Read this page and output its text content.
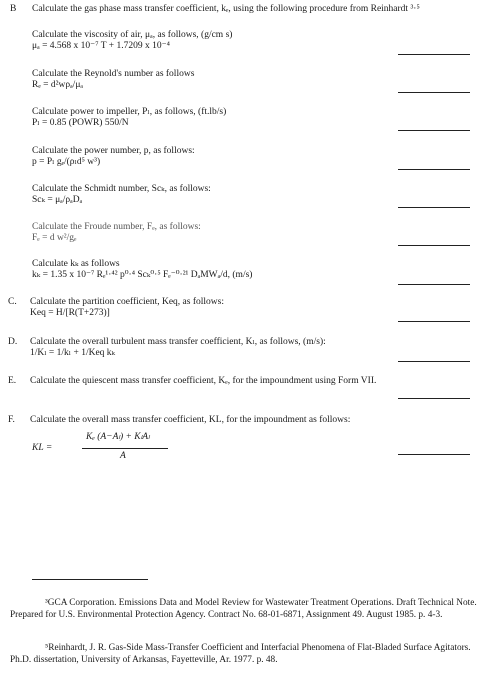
B Calculate the gas phase mass transfer coefficient, kₑ, using the following procedure from Reinhardt ³·⁵
Calculate the viscosity of air, μₐ, as follows, (g/cm s)
μₐ = 4.568 x 10⁻⁷ T + 1.7209 x 10⁻⁴
Calculate the Reynold's number as follows
Rₑ = d²wρₐ/μₐ
Calculate power to impeller, Pₗ, as follows, (ft.lb/s)
Pₗ = 0.85 (POWR) 550/N
Calculate the power number, p, as follows:
p = Pₗ gₑ/(ρₗd⁵ w³)
Calculate the Schmidt number, Scₖ, as follows:
Scₖ = μₐ/ρₐDₐ
Calculate the Froude number, Fₑ, as follows:
Fₑ = d w²/gₑ
Calculate kₖ as follows
kₖ = 1.35 x 10⁻⁷ Rₑ¹·⁴² p⁰·⁴ Scₖ⁰·⁵ Fₑ⁻⁰·²¹ DₐMWₐ/d, (m/s)
C. Calculate the partition coefficient, Keq, as follows:
Keq = H/[R(T+273)]
D. Calculate the overall turbulent mass transfer coefficient, Kₗ, as follows, (m/s):
1/Kₗ = 1/kₗ + 1/Keq kₖ
E. Calculate the quiescent mass transfer coefficient, Kₑ, for the impoundment using Form VII.
F. Calculate the overall mass transfer coefficient, KL, for the impoundment as follows:
KL =
Kₑ (A−Aₗ) + KₗAₗ
A
³GCA Corporation. Emissions Data and Model Review for Wastewater Treatment Operations. Draft Technical Note. Prepared for U.S. Environmental Protection Agency. Contract No. 68-01-6871, Assignment 49. August 1985. p. 4-3.
⁵Reinhardt, J. R. Gas-Side Mass-Transfer Coefficient and Interfacial Phenomena of Flat-Bladed Surface Agitators. Ph.D. dissertation, University of Arkansas, Fayetteville, Ar. 1977. p. 48.
